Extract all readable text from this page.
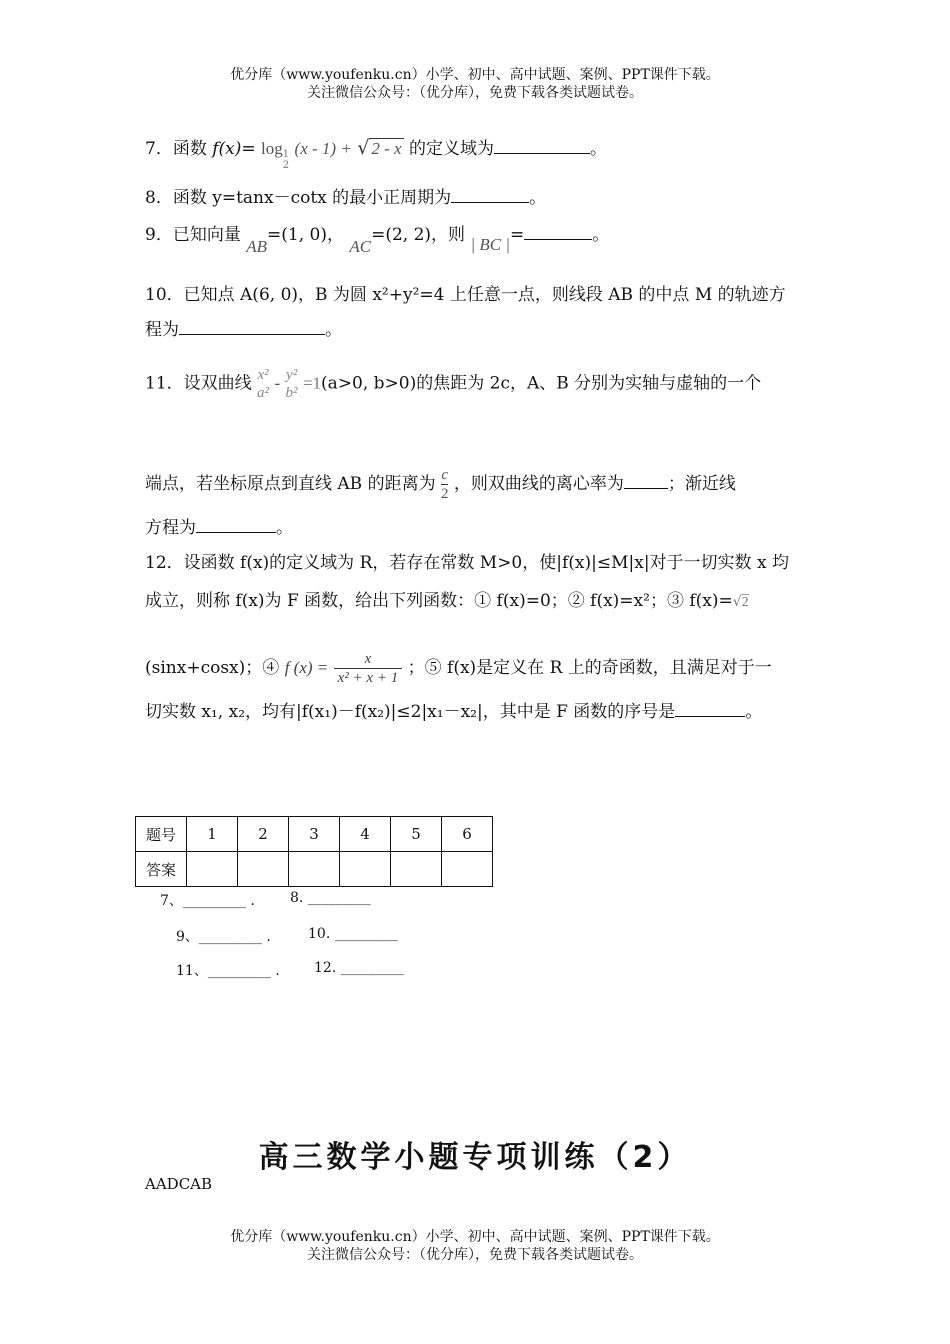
优分库（www.youfenku.cn）小学、初中、高中试题、案例、PPT课件下载。
关注微信公众号：（优分库），免费下载各类试题试卷。
7．函数 f(x)= log 1
2
(x - 1) + √ 2 - x 的定义域为	。
8．函数 y=tanx－cotx 的最小正周期为	。
9．已知向量 AB=(1, 0)， AC=(2, 2)，则 | BC |=	。
10．已知点 A(6, 0)，B 为圆 x²+y²=4 上任意一点，则线段 AB 的中点 M 的轨迹方
程为	。
11．设双曲线 x²
a²
- y²
b²
=1(a>0, b>0)的焦距为 2c，A、B 分别为实轴与虚轴的一个
端点，若坐标原点到直线 AB 的距离为 $\frac{c}{2}$ ，则双曲线的离心率为	；渐近线
方程为	。
12．设函数 f(x)的定义域为 R，若存在常数 M>0，使|f(x)|≤M|x|对于一切实数 x 均
成立，则称 f(x)为 F 函数，给出下列函数：① f(x)=0；② f(x)=x²；③ f(x)=√2
(sinx+cosx)；④ f $(x) = \frac{x}{\text{x² + x + 1}}$ ；⑤ f(x)是定义在 R 上的奇函数，且满足对于一
切实数 x₁, x₂，均有|f(x₁)－f(x₂)|≤2|x₁－x₂|，其中是 F 函数的序号是	。
题号	1	2	3	4	5	6
答案						
7、_________ .	8. _________
9、_________ .	10. _________
11、_________ . 12. _________
高三数学小题专项训练（2）
AADCAB
优分库（www.youfenku.cn）小学、初中、高中试题、案例、PPT课件下载。
关注微信公众号：（优分库），免费下载各类试题试卷。
